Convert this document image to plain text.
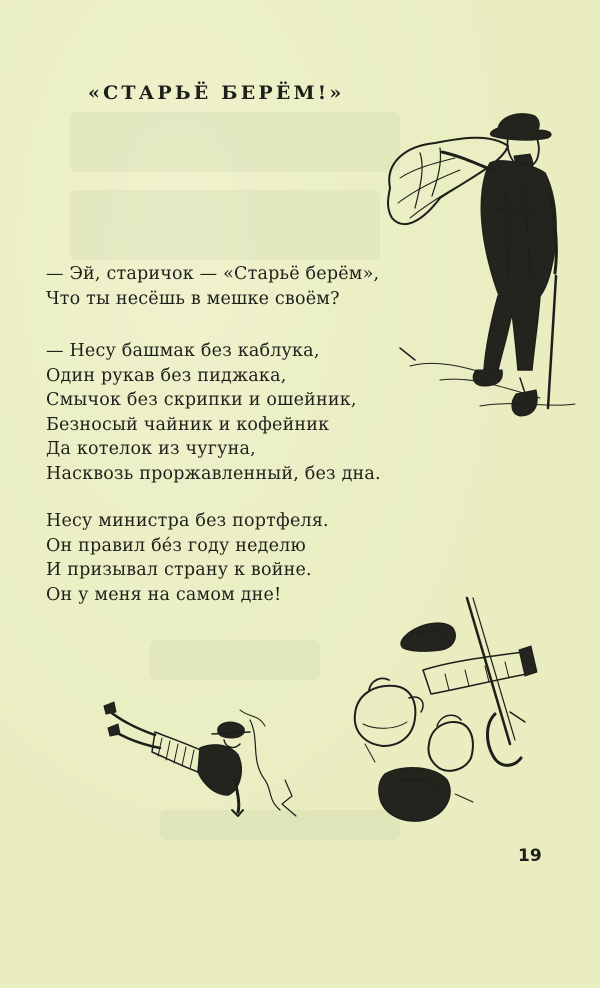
«СТАРЬЁ БЕРЁМ!»
— Эй, старичок — «Старьё берём»,
Что ты несёшь в мешке своём?
— Несу башмак без каблука,
Один рукав без пиджака,
Смычок без скрипки и ошейник,
Безносый чайник и кофейник
Да котелок из чугуна,
Насквозь проржавленный, без дна.
Несу министра без портфеля.
Он правил бéз году неделю
И призывал страну к войне.
Он у меня на самом дне!
19
